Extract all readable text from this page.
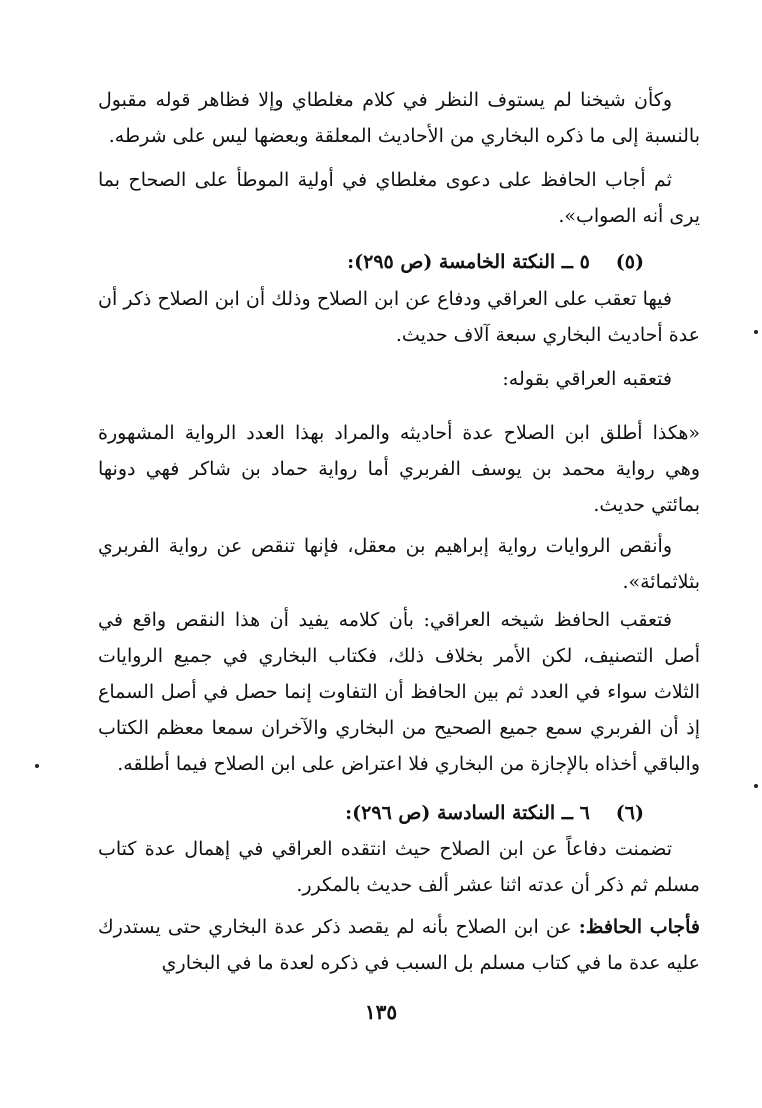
وكأن شيخنا لم يستوف النظر في كلام مغلطاي وإلا فظاهر قوله مقبول بالنسبة إلى ما ذكره البخاري من الأحاديث المعلقة وبعضها ليس على شرطه.

ثم أجاب الحافظ على دعوى مغلطاي في أولية الموطأ على الصحاح بما يرى أنه الصواب».

(٥)٥ ــ النكتة الخامسة (ص ٢٩٥):

فيها تعقب على العراقي ودفاع عن ابن الصلاح وذلك أن ابن الصلاح ذكر أن عدة أحاديث البخاري سبعة آلاف حديث.

فتعقبه العراقي بقوله:

«هكذا أطلق ابن الصلاح عدة أحاديثه والمراد بهذا العدد الرواية المشهورة وهي رواية محمد بن يوسف الفربري أما رواية حماد بن شاكر فهي دونها بمائتي حديث.

وأنقص الروايات رواية إبراهيم بن معقل، فإنها تنقص عن رواية الفربري بثلاثمائة».

فتعقب الحافظ شيخه العراقي: بأن كلامه يفيد أن هذا النقص واقع في أصل التصنيف، لكن الأمر بخلاف ذلك، فكتاب البخاري في جميع الروايات الثلاث سواء في العدد ثم بين الحافظ أن التفاوت إنما حصل في أصل السماع إذ أن الفربري سمع جميع الصحيح من البخاري والآخران سمعا معظم الكتاب والباقي أخذاه بالإجازة من البخاري فلا اعتراض على ابن الصلاح فيما أطلقه.

(٦)٦ ــ النكتة السادسة (ص ٢٩٦):

تضمنت دفاعاً عن ابن الصلاح حيث انتقده العراقي في إهمال عدة كتاب مسلم ثم ذكر أن عدته اثنا عشر ألف حديث بالمكرر.

فأجاب الحافظ: عن ابن الصلاح بأنه لم يقصد ذكر عدة البخاري حتى يستدرك عليه عدة ما في كتاب مسلم بل السبب في ذكره لعدة ما في البخاري

١٣٥
